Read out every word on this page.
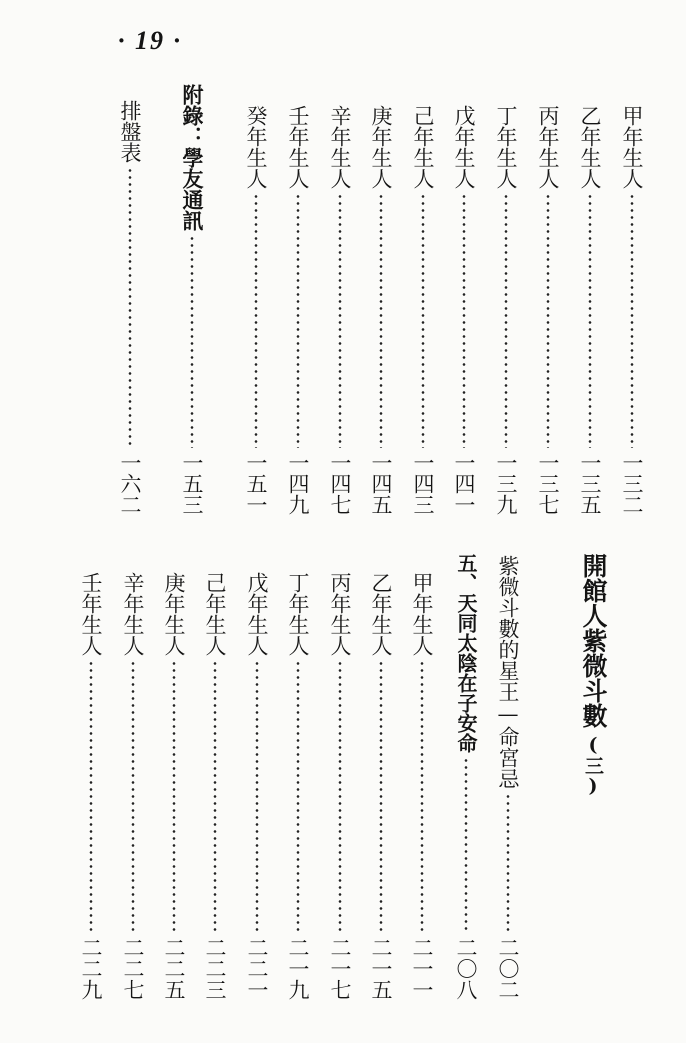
· 19 ·
甲年生人
一三二
乙年生人
一三五
丙年生人
一三七
丁年生人
一三九
戊年生人
一四一
己年生人
一四三
庚年生人
一四五
辛年生人
一四七
壬年生人
一四九
癸年生人
一五一
附錄：學友通訊
一五三
排盤表
一六二
開館人紫微斗數
(三)
紫微斗數的星王—命宮忌
二〇二
五、天同太陰在子安命
二〇八
甲年生人
二一一
乙年生人
二一五
丙年生人
二一七
丁年生人
二一九
戊年生人
二二一
己年生人
二二三
庚年生人
二二五
辛年生人
二二七
壬年生人
二二九
